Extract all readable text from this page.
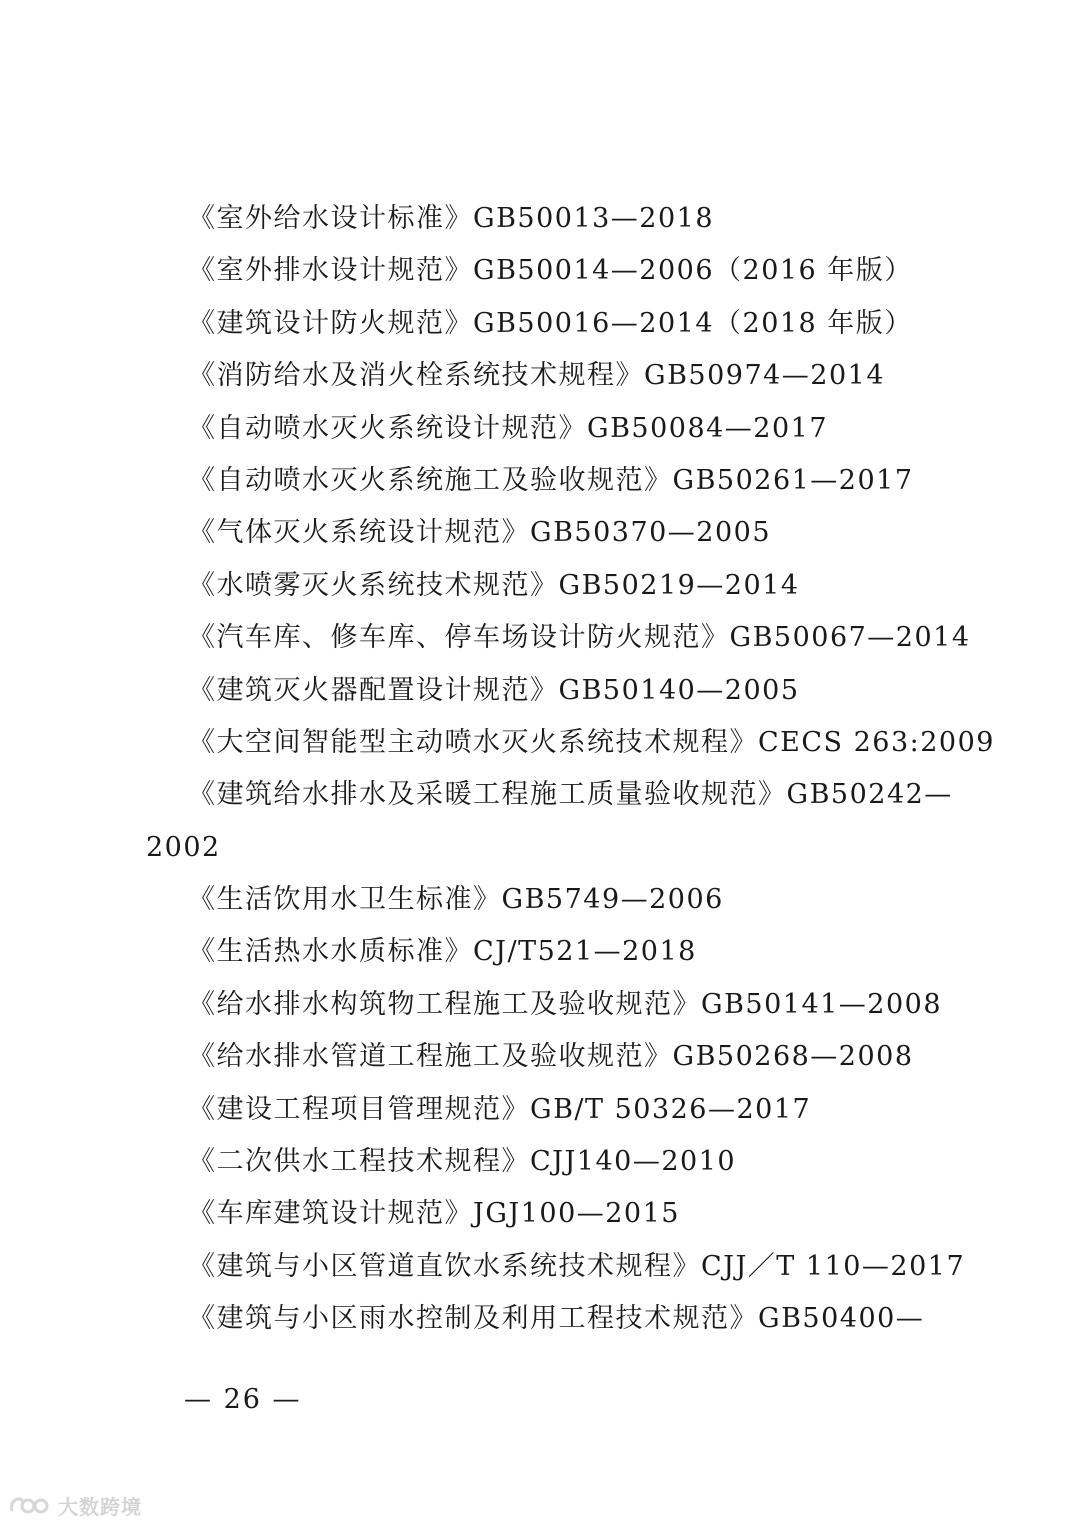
《室外给水设计标准》GB50013—2018
《室外排水设计规范》GB50014—2006（2016 年版）
《建筑设计防火规范》GB50016—2014（2018 年版）
《消防给水及消火栓系统技术规程》GB50974—2014
《自动喷水灭火系统设计规范》GB50084—2017
《自动喷水灭火系统施工及验收规范》GB50261—2017
《气体灭火系统设计规范》GB50370—2005
《水喷雾灭火系统技术规范》GB50219—2014
《汽车库、修车库、停车场设计防火规范》GB50067—2014
《建筑灭火器配置设计规范》GB50140—2005
《大空间智能型主动喷水灭火系统技术规程》CECS 263:2009
《建筑给水排水及采暖工程施工质量验收规范》GB50242—
2002
《生活饮用水卫生标准》GB5749—2006
《生活热水水质标准》CJ/T521—2018
《给水排水构筑物工程施工及验收规范》GB50141—2008
《给水排水管道工程施工及验收规范》GB50268—2008
《建设工程项目管理规范》GB/T 50326—2017
《二次供水工程技术规程》CJJ140—2010
《车库建筑设计规范》JGJ100—2015
《建筑与小区管道直饮水系统技术规程》CJJ／T 110—2017
《建筑与小区雨水控制及利用工程技术规范》GB50400—
— 26 —
大数跨境
